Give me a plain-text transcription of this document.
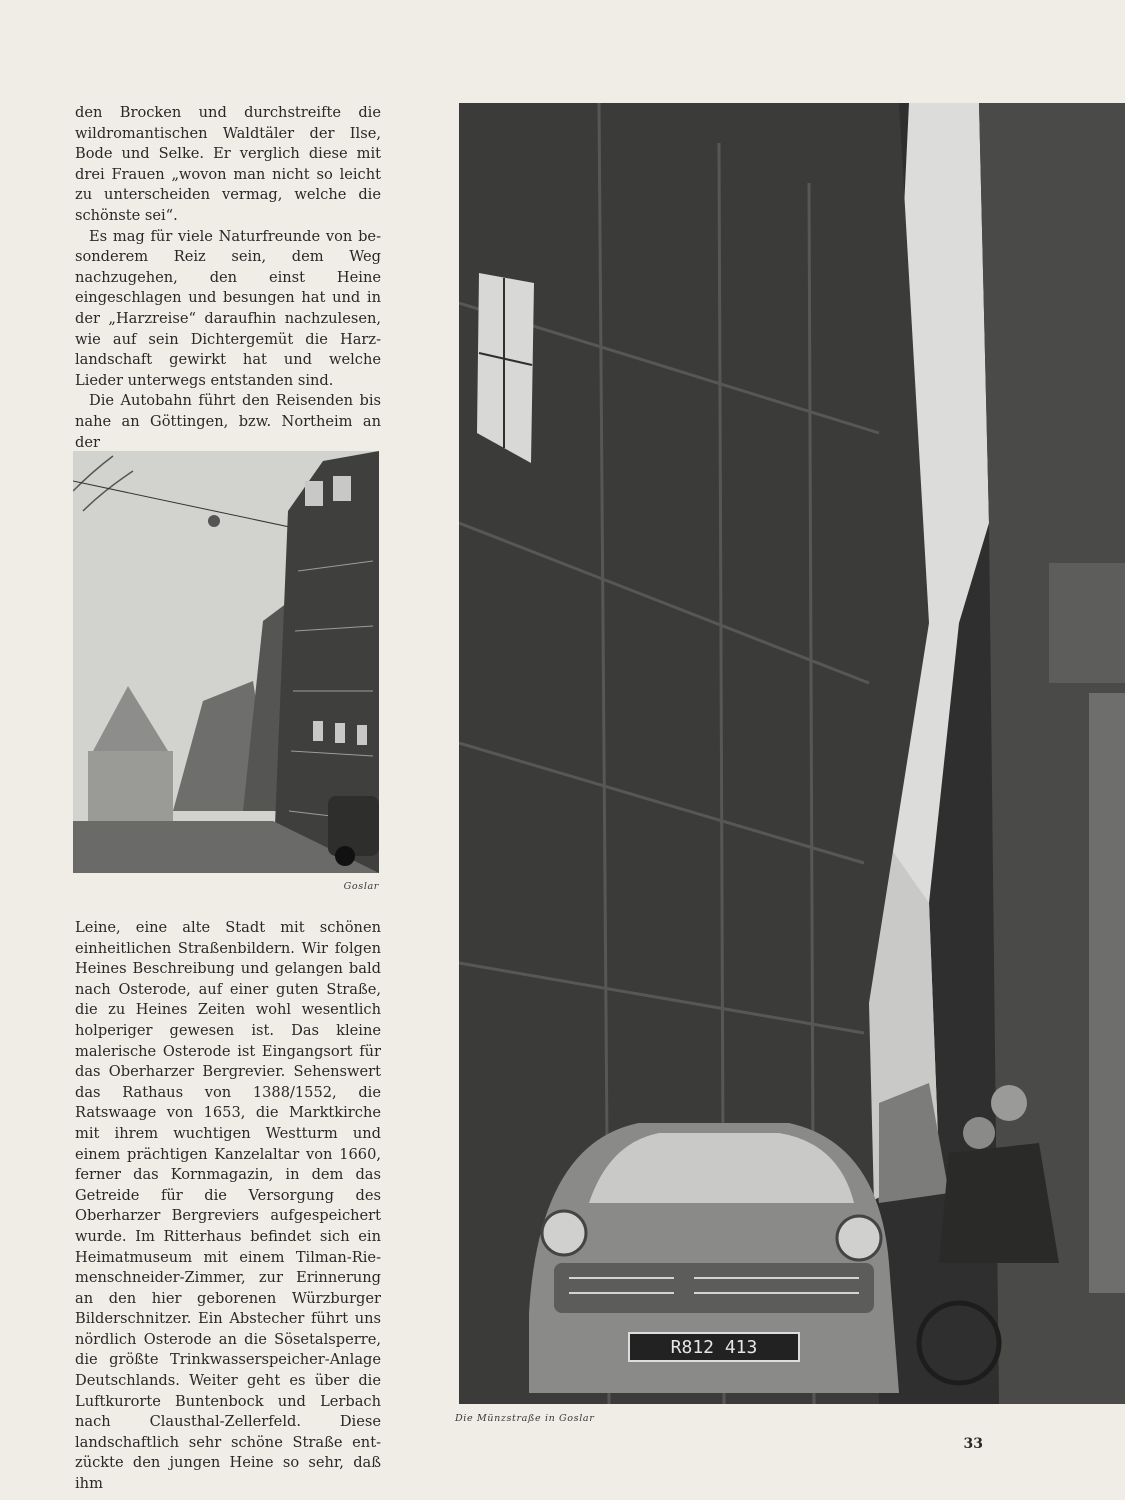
den Brocken und durchstreifte die wildromantischen Waldtäler der Ilse, Bode und Selke. Er verglich diese mit drei Frauen „wovon man nicht so leicht zu unterscheiden vermag, welche die schönste sei“.

Es mag für viele Naturfreunde von besonderem Reiz sein, dem Weg nachzugehen, den einst Heine eingeschlagen und besungen hat und in der „Harzreise“ daraufhin nachzulesen, wie auf sein Dichtergemüt die Harzlandschaft gewirkt hat und welche Lieder unterwegs entstanden sind.

Die Autobahn führt den Reisenden bis nahe an Göttingen, bzw. Northeim an der

Goslar

Leine, eine alte Stadt mit schönen einheitlichen Straßenbildern. Wir folgen Heines Beschreibung und gelangen bald nach Osterode, auf einer guten Straße, die zu Heines Zeiten wohl wesentlich holperiger gewesen ist. Das kleine malerische Osterode ist Eingangsort für das Oberharzer Bergrevier. Sehenswert das Rathaus von 1388/1552, die Ratswaage von 1653, die Marktkirche mit ihrem wuchtigen Westturm und einem prächtigen Kanzelaltar von 1660, ferner das Kornmagazin, in dem das Getreide für die Versorgung des Oberharzer Bergreviers aufgespeichert wurde. Im Ritterhaus befindet sich ein Heimatmuseum mit einem Tilman-Riemenschneider-Zimmer, zur Erinnerung an den hier geborenen Würzburger Bilderschnitzer. Ein Abstecher führt uns nördlich Osterode an die Sösetalsperre, die größte Trinkwasserspeicher-Anlage Deutschlands. Weiter geht es über die Luftkurorte Buntenbock und Lerbach nach Clausthal-Zellerfeld. Diese landschaftlich sehr schöne Straße entzückte den jungen Heine so sehr, daß ihm

R812 413
Die Münzstraße in Goslar
33
